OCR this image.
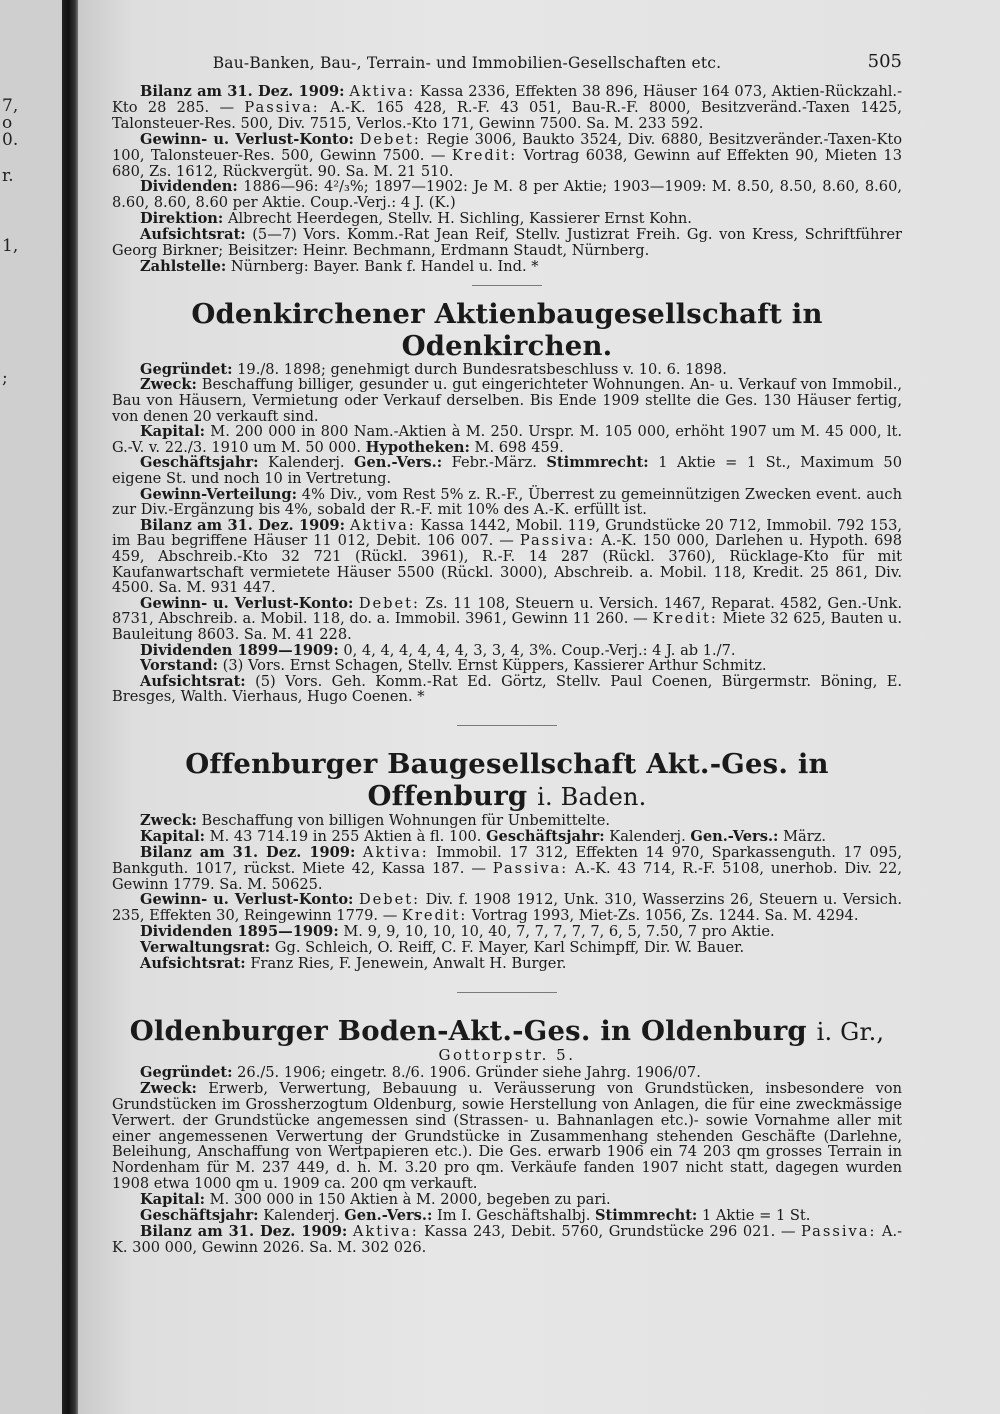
7,
o
0.
r.
1,
;
Bau-Banken, Bau-, Terrain- und Immobilien-Gesellschaften etc.	505

Bilanz am 31. Dez. 1909: Aktiva: Kassa 2336, Effekten 38 896, Häuser 164 073, Aktien-Rückzahl.-Kto 28 285. — Passiva: A.-K. 165 428, R.-F. 43 051, Bau-R.-F. 8000, Besitzveränd.-Taxen 1425, Talonsteuer-Res. 500, Div. 7515, Verlos.-Kto 171, Gewinn 7500. Sa. M. 233 592.

Gewinn- u. Verlust-Konto: Debet: Regie 3006, Baukto 3524, Div. 6880, Besitzveränder.-Taxen-Kto 100, Talonsteuer-Res. 500, Gewinn 7500. — Kredit: Vortrag 6038, Gewinn auf Effekten 90, Mieten 13 680, Zs. 1612, Rückvergüt. 90. Sa. M. 21 510.

Dividenden: 1886—96: 4²/₃%; 1897—1902: Je M. 8 per Aktie; 1903—1909: M. 8.50, 8.50, 8.60, 8.60, 8.60, 8.60, 8.60 per Aktie. Coup.-Verj.: 4 J. (K.)

Direktion: Albrecht Heerdegen, Stellv. H. Sichling, Kassierer Ernst Kohn.

Aufsichtsrat: (5—7) Vors. Komm.-Rat Jean Reif, Stellv. Justizrat Freih. Gg. von Kress, Schriftführer Georg Birkner; Beisitzer: Heinr. Bechmann, Erdmann Staudt, Nürnberg.

Zahlstelle: Nürnberg: Bayer. Bank f. Handel u. Ind. *

Odenkirchener Aktienbaugesellschaft in Odenkirchen.

Gegründet: 19./8. 1898; genehmigt durch Bundesratsbeschluss v. 10. 6. 1898.

Zweck: Beschaffung billiger, gesunder u. gut eingerichteter Wohnungen. An- u. Verkauf von Immobil., Bau von Häusern, Vermietung oder Verkauf derselben. Bis Ende 1909 stellte die Ges. 130 Häuser fertig, von denen 20 verkauft sind.

Kapital: M. 200 000 in 800 Nam.-Aktien à M. 250. Urspr. M. 105 000, erhöht 1907 um M. 45 000, lt. G.-V. v. 22./3. 1910 um M. 50 000. Hypotheken: M. 698 459.

Geschäftsjahr: Kalenderj. Gen.-Vers.: Febr.-März. Stimmrecht: 1 Aktie = 1 St., Maximum 50 eigene St. und noch 10 in Vertretung.

Gewinn-Verteilung: 4% Div., vom Rest 5% z. R.-F., Überrest zu gemeinnützigen Zwecken event. auch zur Div.-Ergänzung bis 4%, sobald der R.-F. mit 10% des A.-K. erfüllt ist.

Bilanz am 31. Dez. 1909: Aktiva: Kassa 1442, Mobil. 119, Grundstücke 20 712, Immobil. 792 153, im Bau begriffene Häuser 11 012, Debit. 106 007. — Passiva: A.-K. 150 000, Darlehen u. Hypoth. 698 459, Abschreib.-Kto 32 721 (Rückl. 3961), R.-F. 14 287 (Rückl. 3760), Rücklage-Kto für mit Kaufanwartschaft vermietete Häuser 5500 (Rückl. 3000), Abschreib. a. Mobil. 118, Kredit. 25 861, Div. 4500. Sa. M. 931 447.

Gewinn- u. Verlust-Konto: Debet: Zs. 11 108, Steuern u. Versich. 1467, Reparat. 4582, Gen.-Unk. 8731, Abschreib. a. Mobil. 118, do. a. Immobil. 3961, Gewinn 11 260. — Kredit: Miete 32 625, Bauten u. Bauleitung 8603. Sa. M. 41 228.

Dividenden 1899—1909: 0, 4, 4, 4, 4, 4, 4, 3, 3, 4, 3%. Coup.-Verj.: 4 J. ab 1./7.

Vorstand: (3) Vors. Ernst Schagen, Stellv. Ernst Küppers, Kassierer Arthur Schmitz.

Aufsichtsrat: (5) Vors. Geh. Komm.-Rat Ed. Görtz, Stellv. Paul Coenen, Bürgermstr. Böning, E. Bresges, Walth. Vierhaus, Hugo Coenen. *

Offenburger Baugesellschaft Akt.-Ges. in Offenburg i. Baden.

Zweck: Beschaffung von billigen Wohnungen für Unbemittelte.

Kapital: M. 43 714.19 in 255 Aktien à fl. 100. Geschäftsjahr: Kalenderj. Gen.-Vers.: März.

Bilanz am 31. Dez. 1909: Aktiva: Immobil. 17 312, Effekten 14 970, Sparkassenguth. 17 095, Bankguth. 1017, rückst. Miete 42, Kassa 187. — Passiva: A.-K. 43 714, R.-F. 5108, unerhob. Div. 22, Gewinn 1779. Sa. M. 50625.

Gewinn- u. Verlust-Konto: Debet: Div. f. 1908 1912, Unk. 310, Wasserzins 26, Steuern u. Versich. 235, Effekten 30, Reingewinn 1779. — Kredit: Vortrag 1993, Miet-Zs. 1056, Zs. 1244. Sa. M. 4294.

Dividenden 1895—1909: M. 9, 9, 10, 10, 10, 40, 7, 7, 7, 7, 7, 6, 5, 7.50, 7 pro Aktie.

Verwaltungsrat: Gg. Schleich, O. Reiff, C. F. Mayer, Karl Schimpff, Dir. W. Bauer.

Aufsichtsrat: Franz Ries, F. Jenewein, Anwalt H. Burger.

Oldenburger Boden-Akt.-Ges. in Oldenburg i. Gr.,
Gottorpstr. 5.

Gegründet: 26./5. 1906; eingetr. 8./6. 1906. Gründer siehe Jahrg. 1906/07.

Zweck: Erwerb, Verwertung, Bebauung u. Veräusserung von Grundstücken, insbesondere von Grundstücken im Grossherzogtum Oldenburg, sowie Herstellung von Anlagen, die für eine zweckmässige Verwert. der Grundstücke angemessen sind (Strassen- u. Bahnanlagen etc.)- sowie Vornahme aller mit einer angemessenen Verwertung der Grundstücke in Zusammenhang stehenden Geschäfte (Darlehne, Beleihung, Anschaffung von Wertpapieren etc.). Die Ges. erwarb 1906 ein 74 203 qm grosses Terrain in Nordenham für M. 237 449, d. h. M. 3.20 pro qm. Verkäufe fanden 1907 nicht statt, dagegen wurden 1908 etwa 1000 qm u. 1909 ca. 200 qm verkauft.

Kapital: M. 300 000 in 150 Aktien à M. 2000, begeben zu pari.

Geschäftsjahr: Kalenderj. Gen.-Vers.: Im I. Geschäftshalbj. Stimmrecht: 1 Aktie = 1 St.

Bilanz am 31. Dez. 1909: Aktiva: Kassa 243, Debit. 5760, Grundstücke 296 021. — Passiva: A.-K. 300 000, Gewinn 2026. Sa. M. 302 026.
